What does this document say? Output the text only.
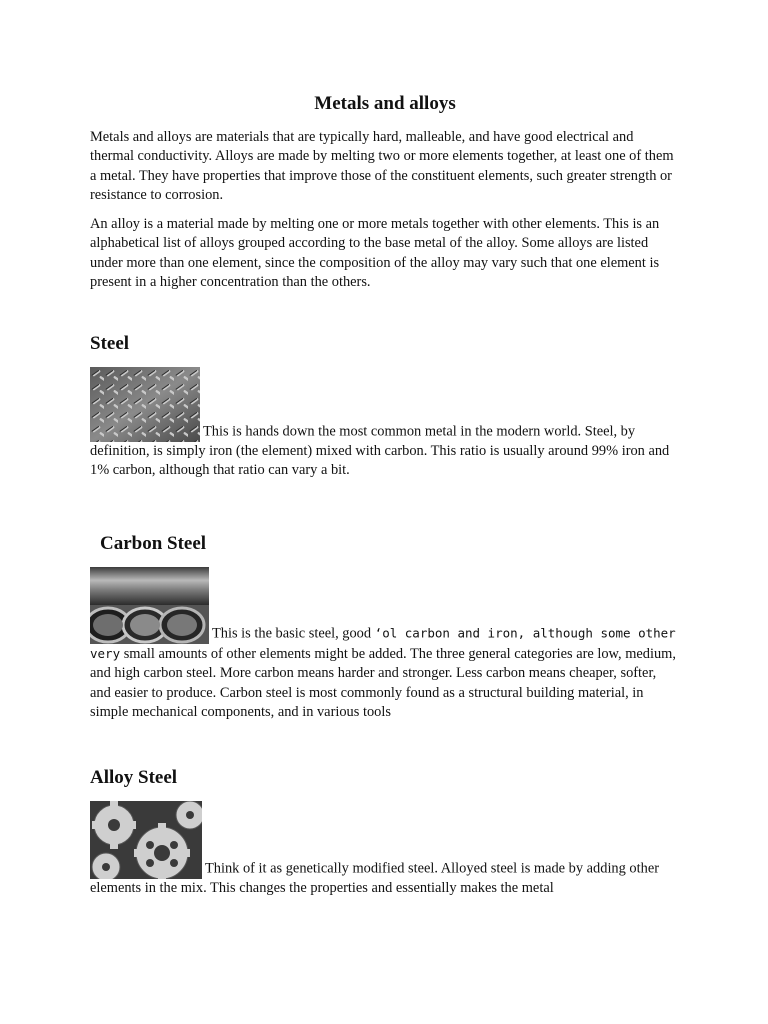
Metals and alloys

Metals and alloys are materials that are typically hard, malleable, and have good electrical and thermal conductivity. Alloys are made by melting two or more elements together, at least one of them a metal. They have properties that improve those of the constituent elements, such greater strength or resistance to corrosion.

An alloy is a material made by melting one or more metals together with other elements. This is an alphabetical list of alloys grouped according to the base metal of the alloy. Some alloys are listed under more than one element, since the composition of the alloy may vary such that one element is present in a higher concentration than the others.

Steel

This is hands down the most common metal in the modern world. Steel, by definition, is simply iron (the element) mixed with carbon. This ratio is usually around 99% iron and 1% carbon, although that ratio can vary a bit.

Carbon Steel

This is the basic steel, good ‘ol carbon and iron, although some other very small amounts of other elements might be added. The three general categories are low, medium, and high carbon steel. More carbon means harder and stronger. Less carbon means cheaper, softer, and easier to produce. Carbon steel is most commonly found as a structural building material, in simple mechanical components, and in various tools

Alloy Steel

Think of it as genetically modified steel. Alloyed steel is made by adding other elements in the mix. This changes the properties and essentially makes the metal
